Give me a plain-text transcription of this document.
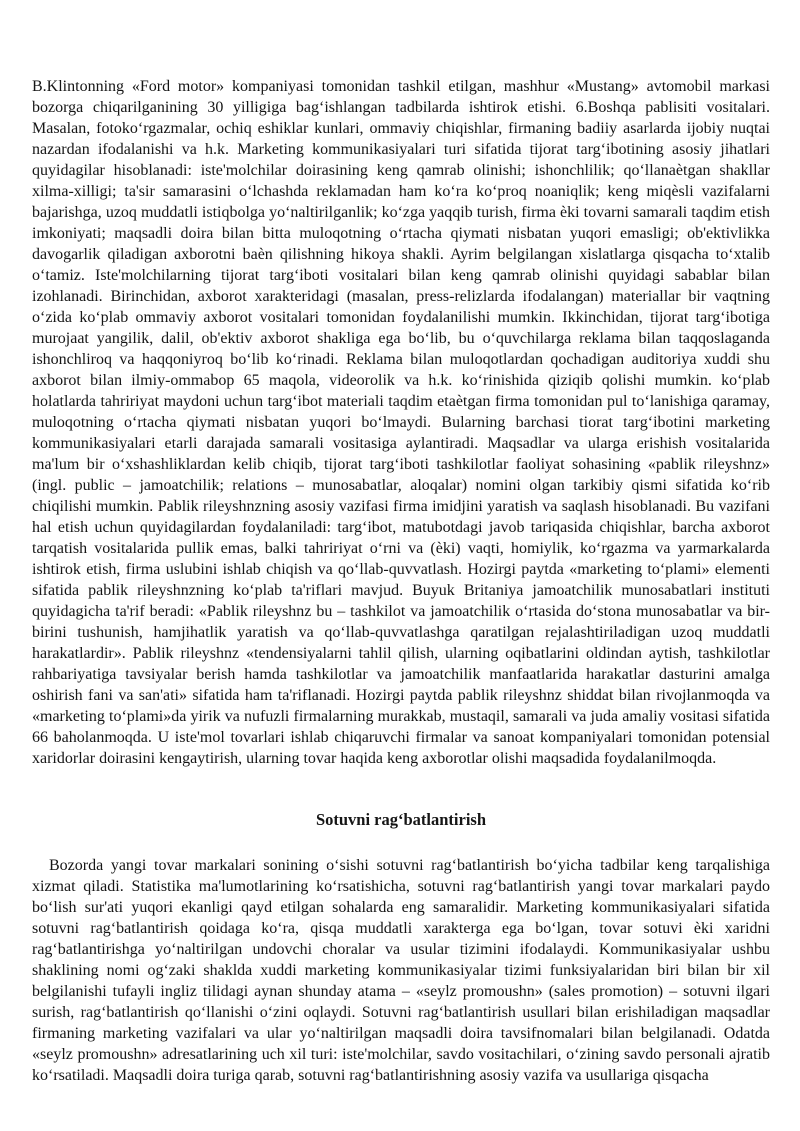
B.Klintonning «Ford motor» kompaniyasi tomonidan tashkil etilgan, mashhur «Mustang» avtomobil markasi bozorga chiqarilganining 30 yilligiga bagʻishlangan tadbilarda ishtirok etishi. 6.Boshqa pablisiti vositalari. Masalan, fotokoʻrgazmalar, ochiq eshiklar kunlari, ommaviy chiqishlar, firmaning badiiy asarlarda ijobiy nuqtai nazardan ifodalanishi va h.k. Marketing kommunikasiyalari turi sifatida tijorat targʻibotining asosiy jihatlari quyidagilar hisoblanadi: iste'molchilar doirasining keng qamrab olinishi; ishonchlilik; qoʻllanaètgan shakllar xilma-xilligi; ta'sir samarasini oʻlchashda reklamadan ham koʻra koʻproq noaniqlik; keng miqèsli vazifalarni bajarishga, uzoq muddatli istiqbolga yoʻnaltirilganlik; koʻzga yaqqib turish, firma èki tovarni samarali taqdim etish imkoniyati; maqsadli doira bilan bitta muloqotning oʻrtacha qiymati nisbatan yuqori emasligi; ob'ektivlikka davogarlik qiladigan axborotni baèn qilishning hikoya shakli. Ayrim belgilangan xislatlarga qisqacha toʻxtalib oʻtamiz. Iste'molchilarning tijorat targʻiboti vositalari bilan keng qamrab olinishi quyidagi sabablar bilan izohlanadi. Birinchidan, axborot xarakteridagi (masalan, press-relizlarda ifodalangan) materiallar bir vaqtning oʻzida koʻplab ommaviy axborot vositalari tomonidan foydalanilishi mumkin. Ikkinchidan, tijorat targʻibotiga murojaat yangilik, dalil, ob'ektiv axborot shakliga ega boʻlib, bu oʻquvchilarga reklama bilan taqqoslaganda ishonchliroq va haqqoniyroq boʻlib koʻrinadi. Reklama bilan muloqotlardan qochadigan auditoriya xuddi shu axborot bilan ilmiy-ommabop 65 maqola, videorolik va h.k. koʻrinishida qiziqib qolishi mumkin. koʻplab holatlarda tahririyat maydoni uchun targʻibot materiali taqdim etaètgan firma tomonidan pul toʻlanishiga qaramay, muloqotning oʻrtacha qiymati nisbatan yuqori boʻlmaydi. Bularning barchasi tiorat targʻibotini marketing kommunikasiyalari etarli darajada samarali vositasiga aylantiradi. Maqsadlar va ularga erishish vositalarida ma'lum bir oʻxshashliklardan kelib chiqib, tijorat targʻiboti tashkilotlar faoliyat sohasining «pablik rileyshnz» (ingl. public – jamoatchilik; relations – munosabatlar, aloqalar) nomini olgan tarkibiy qismi sifatida koʻrib chiqilishi mumkin. Pablik rileyshnzning asosiy vazifasi firma imidjini yaratish va saqlash hisoblanadi. Bu vazifani hal etish uchun quyidagilardan foydalaniladi: targʻibot, matubotdagi javob tariqasida chiqishlar, barcha axborot tarqatish vositalarida pullik emas, balki tahririyat oʻrni va (èki) vaqti, homiylik, koʻrgazma va yarmarkalarda ishtirok etish, firma uslubini ishlab chiqish va qoʻllab-quvvatlash. Hozirgi paytda «marketing toʻplami» elementi sifatida pablik rileyshnzning koʻplab ta'riflari mavjud. Buyuk Britaniya jamoatchilik munosabatlari instituti quyidagicha ta'rif beradi: «Pablik rileyshnz bu – tashkilot va jamoatchilik oʻrtasida doʻstona munosabatlar va bir-birini tushunish, hamjihatlik yaratish va qoʻllab-quvvatlashga qaratilgan rejalashtiriladigan uzoq muddatli harakatlardir». Pablik rileyshnz «tendensiyalarni tahlil qilish, ularning oqibatlarini oldindan aytish, tashkilotlar rahbariyatiga tavsiyalar berish hamda tashkilotlar va jamoatchilik manfaatlarida harakatlar dasturini amalga oshirish fani va san'ati» sifatida ham ta'riflanadi. Hozirgi paytda pablik rileyshnz shiddat bilan rivojlanmoqda va «marketing toʻplami»da yirik va nufuzli firmalarning murakkab, mustaqil, samarali va juda amaliy vositasi sifatida 66 baholanmoqda. U iste'mol tovarlari ishlab chiqaruvchi firmalar va sanoat kompaniyalari tomonidan potensial xaridorlar doirasini kengaytirish, ularning tovar haqida keng axborotlar olishi maqsadida foydalanilmoqda.

Sotuvni ragʻbatlantirish

Bozorda yangi tovar markalari sonining oʻsishi sotuvni ragʻbatlantirish boʻyicha tadbilar keng tarqalishiga xizmat qiladi. Statistika ma'lumotlarining koʻrsatishicha, sotuvni ragʻbatlantirish yangi tovar markalari paydo boʻlish sur'ati yuqori ekanligi qayd etilgan sohalarda eng samaralidir. Marketing kommunikasiyalari sifatida sotuvni ragʻbatlantirish qoidaga koʻra, qisqa muddatli xarakterga ega boʻlgan, tovar sotuvi èki xaridni ragʻbatlantirishga yoʻnaltirilgan undovchi choralar va usular tizimini ifodalaydi. Kommunikasiyalar ushbu shaklining nomi ogʻzaki shaklda xuddi marketing kommunikasiyalar tizimi funksiyalaridan biri bilan bir xil belgilanishi tufayli ingliz tilidagi aynan shunday atama – «seylz promoushn» (sales promotion) – sotuvni ilgari surish, ragʻbatlantirish qoʻllanishi oʻzini oqlaydi. Sotuvni ragʻbatlantirish usullari bilan erishiladigan maqsadlar firmaning marketing vazifalari va ular yoʻnaltirilgan maqsadli doira tavsifnomalari bilan belgilanadi. Odatda «seylz promoushn» adresatlarining uch xil turi: iste'molchilar, savdo vositachilari, oʻzining savdo personali ajratib koʻrsatiladi. Maqsadli doira turiga qarab, sotuvni ragʻbatlantirishning asosiy vazifa va usullariga qisqacha
